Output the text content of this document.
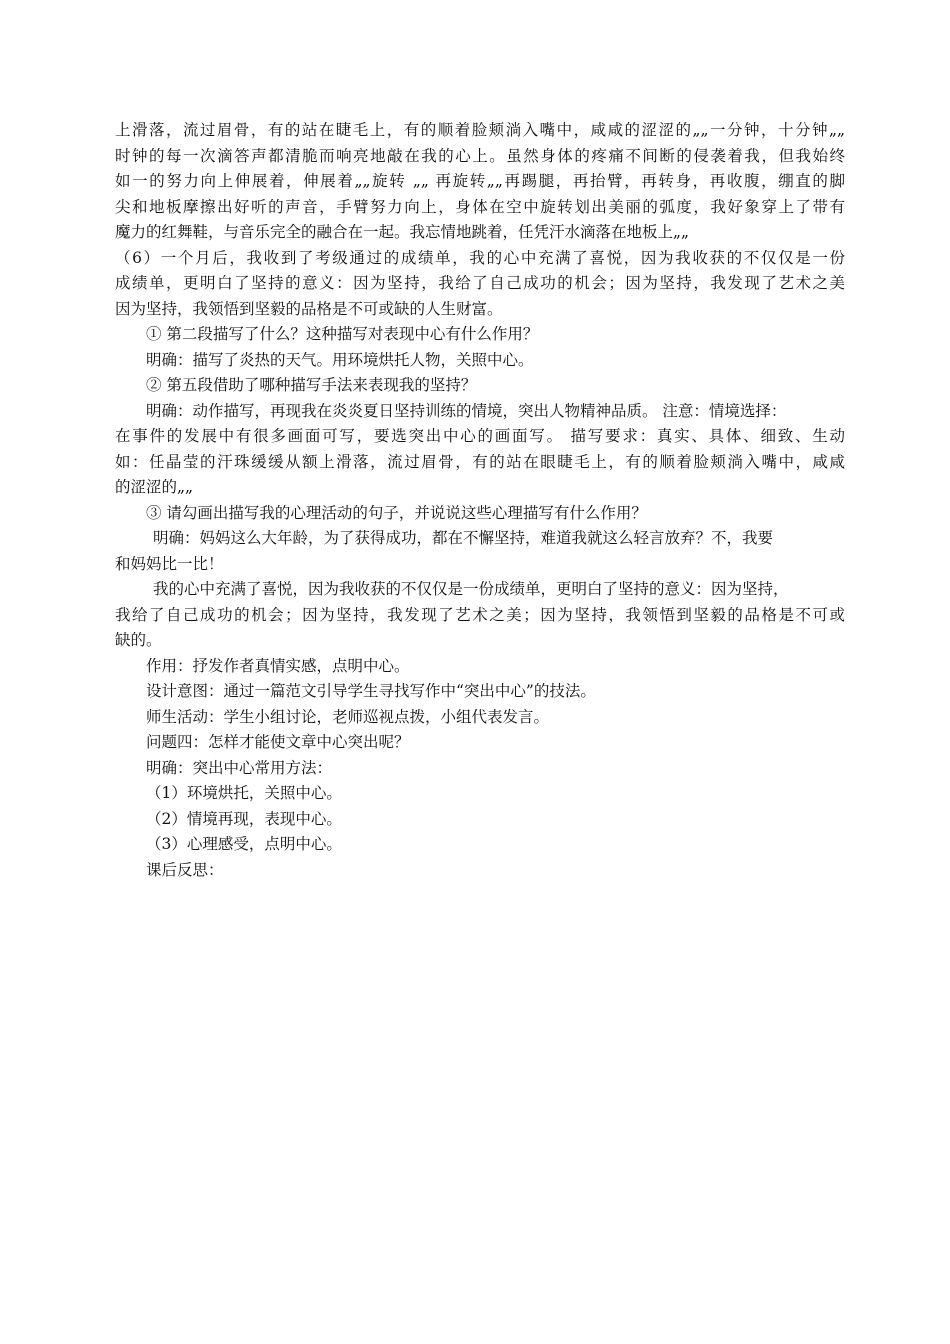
上滑落，流过眉骨，有的站在睫毛上，有的顺着脸颊淌入嘴中，咸咸的涩涩的„„一分钟，十分钟„„
时钟的每一次滴答声都清脆而响亮地敲在我的心上。虽然身体的疼痛不间断的侵袭着我，但我始终
如一的努力向上伸展着，伸展着„„旋转 „„ 再旋转„„再踢腿，再抬臂，再转身，再收腹，绷直的脚
尖和地板摩擦出好听的声音，手臂努力向上，身体在空中旋转划出美丽的弧度，我好象穿上了带有
魔力的红舞鞋，与音乐完全的融合在一起。我忘情地跳着，任凭汗水滴落在地板上„„
（6）一个月后，我收到了考级通过的成绩单，我的心中充满了喜悦，因为我收获的不仅仅是一份
成绩单，更明白了坚持的意义：因为坚持，我给了自己成功的机会；因为坚持，我发现了艺术之美
因为坚持，我领悟到坚毅的品格是不可或缺的人生财富。
① 第二段描写了什么？这种描写对表现中心有什么作用？
明确：描写了炎热的天气。用环境烘托人物，关照中心。
② 第五段借助了哪种描写手法来表现我的坚持？
明确：动作描写，再现我在炎炎夏日坚持训练的情境，突出人物精神品质。 注意：情境选择：
在事件的发展中有很多画面可写，要选突出中心的画面写。 描写要求：真实、具体、细致、生动
如：任晶莹的汗珠缓缓从额上滑落，流过眉骨，有的站在眼睫毛上，有的顺着脸颊淌入嘴中，咸咸
的涩涩的„„
③ 请勾画出描写我的心理活动的句子，并说说这些心理描写有什么作用？
明确：妈妈这么大年龄，为了获得成功，都在不懈坚持，难道我就这么轻言放弃？不，我要
和妈妈比一比！
我的心中充满了喜悦，因为我收获的不仅仅是一份成绩单，更明白了坚持的意义：因为坚持，
我给了自己成功的机会；因为坚持，我发现了艺术之美；因为坚持，我领悟到坚毅的品格是不可或
缺的。
作用：抒发作者真情实感，点明中心。
设计意图：通过一篇范文引导学生寻找写作中“突出中心”的技法。
师生活动：学生小组讨论，老师巡视点拨，小组代表发言。
问题四：怎样才能使文章中心突出呢？
明确：突出中心常用方法：
（1）环境烘托，关照中心。
（2）情境再现，表现中心。
（3）心理感受，点明中心。
课后反思：
